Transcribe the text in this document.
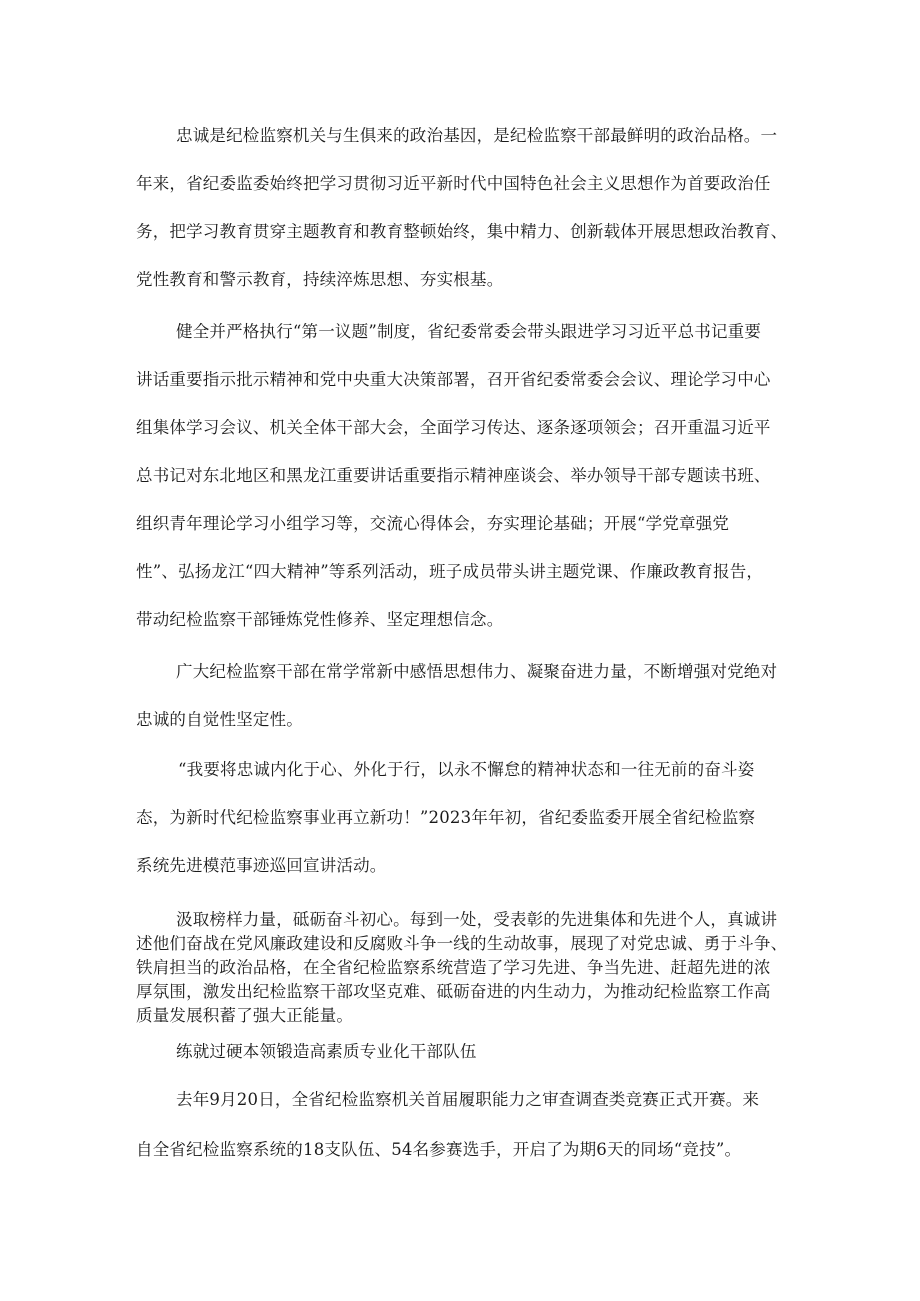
忠诚是纪检监察机关与生俱来的政治基因，是纪检监察干部最鲜明的政治品格。一

年来，省纪委监委始终把学习贯彻习近平新时代中国特色社会主义思想作为首要政治任

务，把学习教育贯穿主题教育和教育整顿始终，集中精力、创新载体开展思想政治教育、

党性教育和警示教育，持续淬炼思想、夯实根基。

健全并严格执行“第一议题”制度，省纪委常委会带头跟进学习习近平总书记重要

讲话重要指示批示精神和党中央重大决策部署，召开省纪委常委会会议、理论学习中心

组集体学习会议、机关全体干部大会，全面学习传达、逐条逐项领会；召开重温习近平

总书记对东北地区和黑龙江重要讲话重要指示精神座谈会、举办领导干部专题读书班、

组织青年理论学习小组学习等，交流心得体会，夯实理论基础；开展“学党章强党

性”、弘扬龙江“四大精神”等系列活动，班子成员带头讲主题党课、作廉政教育报告，

带动纪检监察干部锤炼党性修养、坚定理想信念。

广大纪检监察干部在常学常新中感悟思想伟力、凝聚奋进力量，不断增强对党绝对

忠诚的自觉性坚定性。

“我要将忠诚内化于心、外化于行，以永不懈怠的精神状态和一往无前的奋斗姿

态，为新时代纪检监察事业再立新功！”2023年年初，省纪委监委开展全省纪检监察

系统先进模范事迹巡回宣讲活动。

汲取榜样力量，砥砺奋斗初心。每到一处，受表彰的先进集体和先进个人，真诚讲

述他们奋战在党风廉政建设和反腐败斗争一线的生动故事，展现了对党忠诚、勇于斗争、

铁肩担当的政治品格，在全省纪检监察系统营造了学习先进、争当先进、赶超先进的浓

厚氛围，激发出纪检监察干部攻坚克难、砥砺奋进的内生动力，为推动纪检监察工作高

质量发展积蓄了强大正能量。

练就过硬本领锻造高素质专业化干部队伍

去年9月20日，全省纪检监察机关首届履职能力之审查调查类竞赛正式开赛。来

自全省纪检监察系统的18支队伍、54名参赛选手，开启了为期6天的同场“竞技”。
